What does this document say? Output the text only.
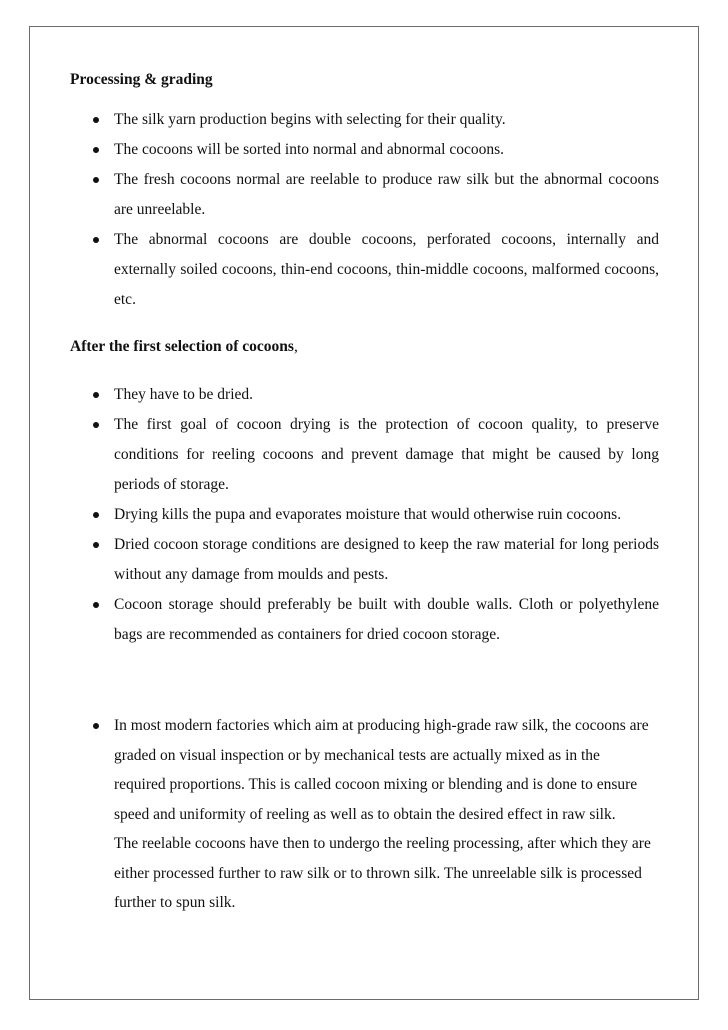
Processing & grading
The silk yarn production begins with selecting for their quality.
The cocoons will be sorted into normal and abnormal cocoons.
The fresh cocoons normal are reelable to produce raw silk but the abnormal cocoons are unreelable.
The abnormal cocoons are double cocoons, perforated cocoons, internally and externally soiled cocoons, thin-end cocoons, thin-middle cocoons, malformed cocoons, etc.
After the first selection of cocoons,
They have to be dried.
The first goal of cocoon drying is the protection of cocoon quality, to preserve conditions for reeling cocoons and prevent damage that might be caused by long periods of storage.
Drying kills the pupa and evaporates moisture that would otherwise ruin cocoons.
Dried cocoon storage conditions are designed to keep the raw material for long periods without any damage from moulds and pests.
Cocoon storage should preferably be built with double walls. Cloth or polyethylene bags are recommended as containers for dried cocoon storage.
In most modern factories which aim at producing high-grade raw silk, the cocoons are graded on visual inspection or by mechanical tests are actually mixed as in the required proportions. This is called cocoon mixing or blending and is done to ensure speed and uniformity of reeling as well as to obtain the desired effect in raw silk.
The reelable cocoons have then to undergo the reeling processing, after which they are either processed further to raw silk or to thrown silk. The unreelable silk is processed further to spun silk.
